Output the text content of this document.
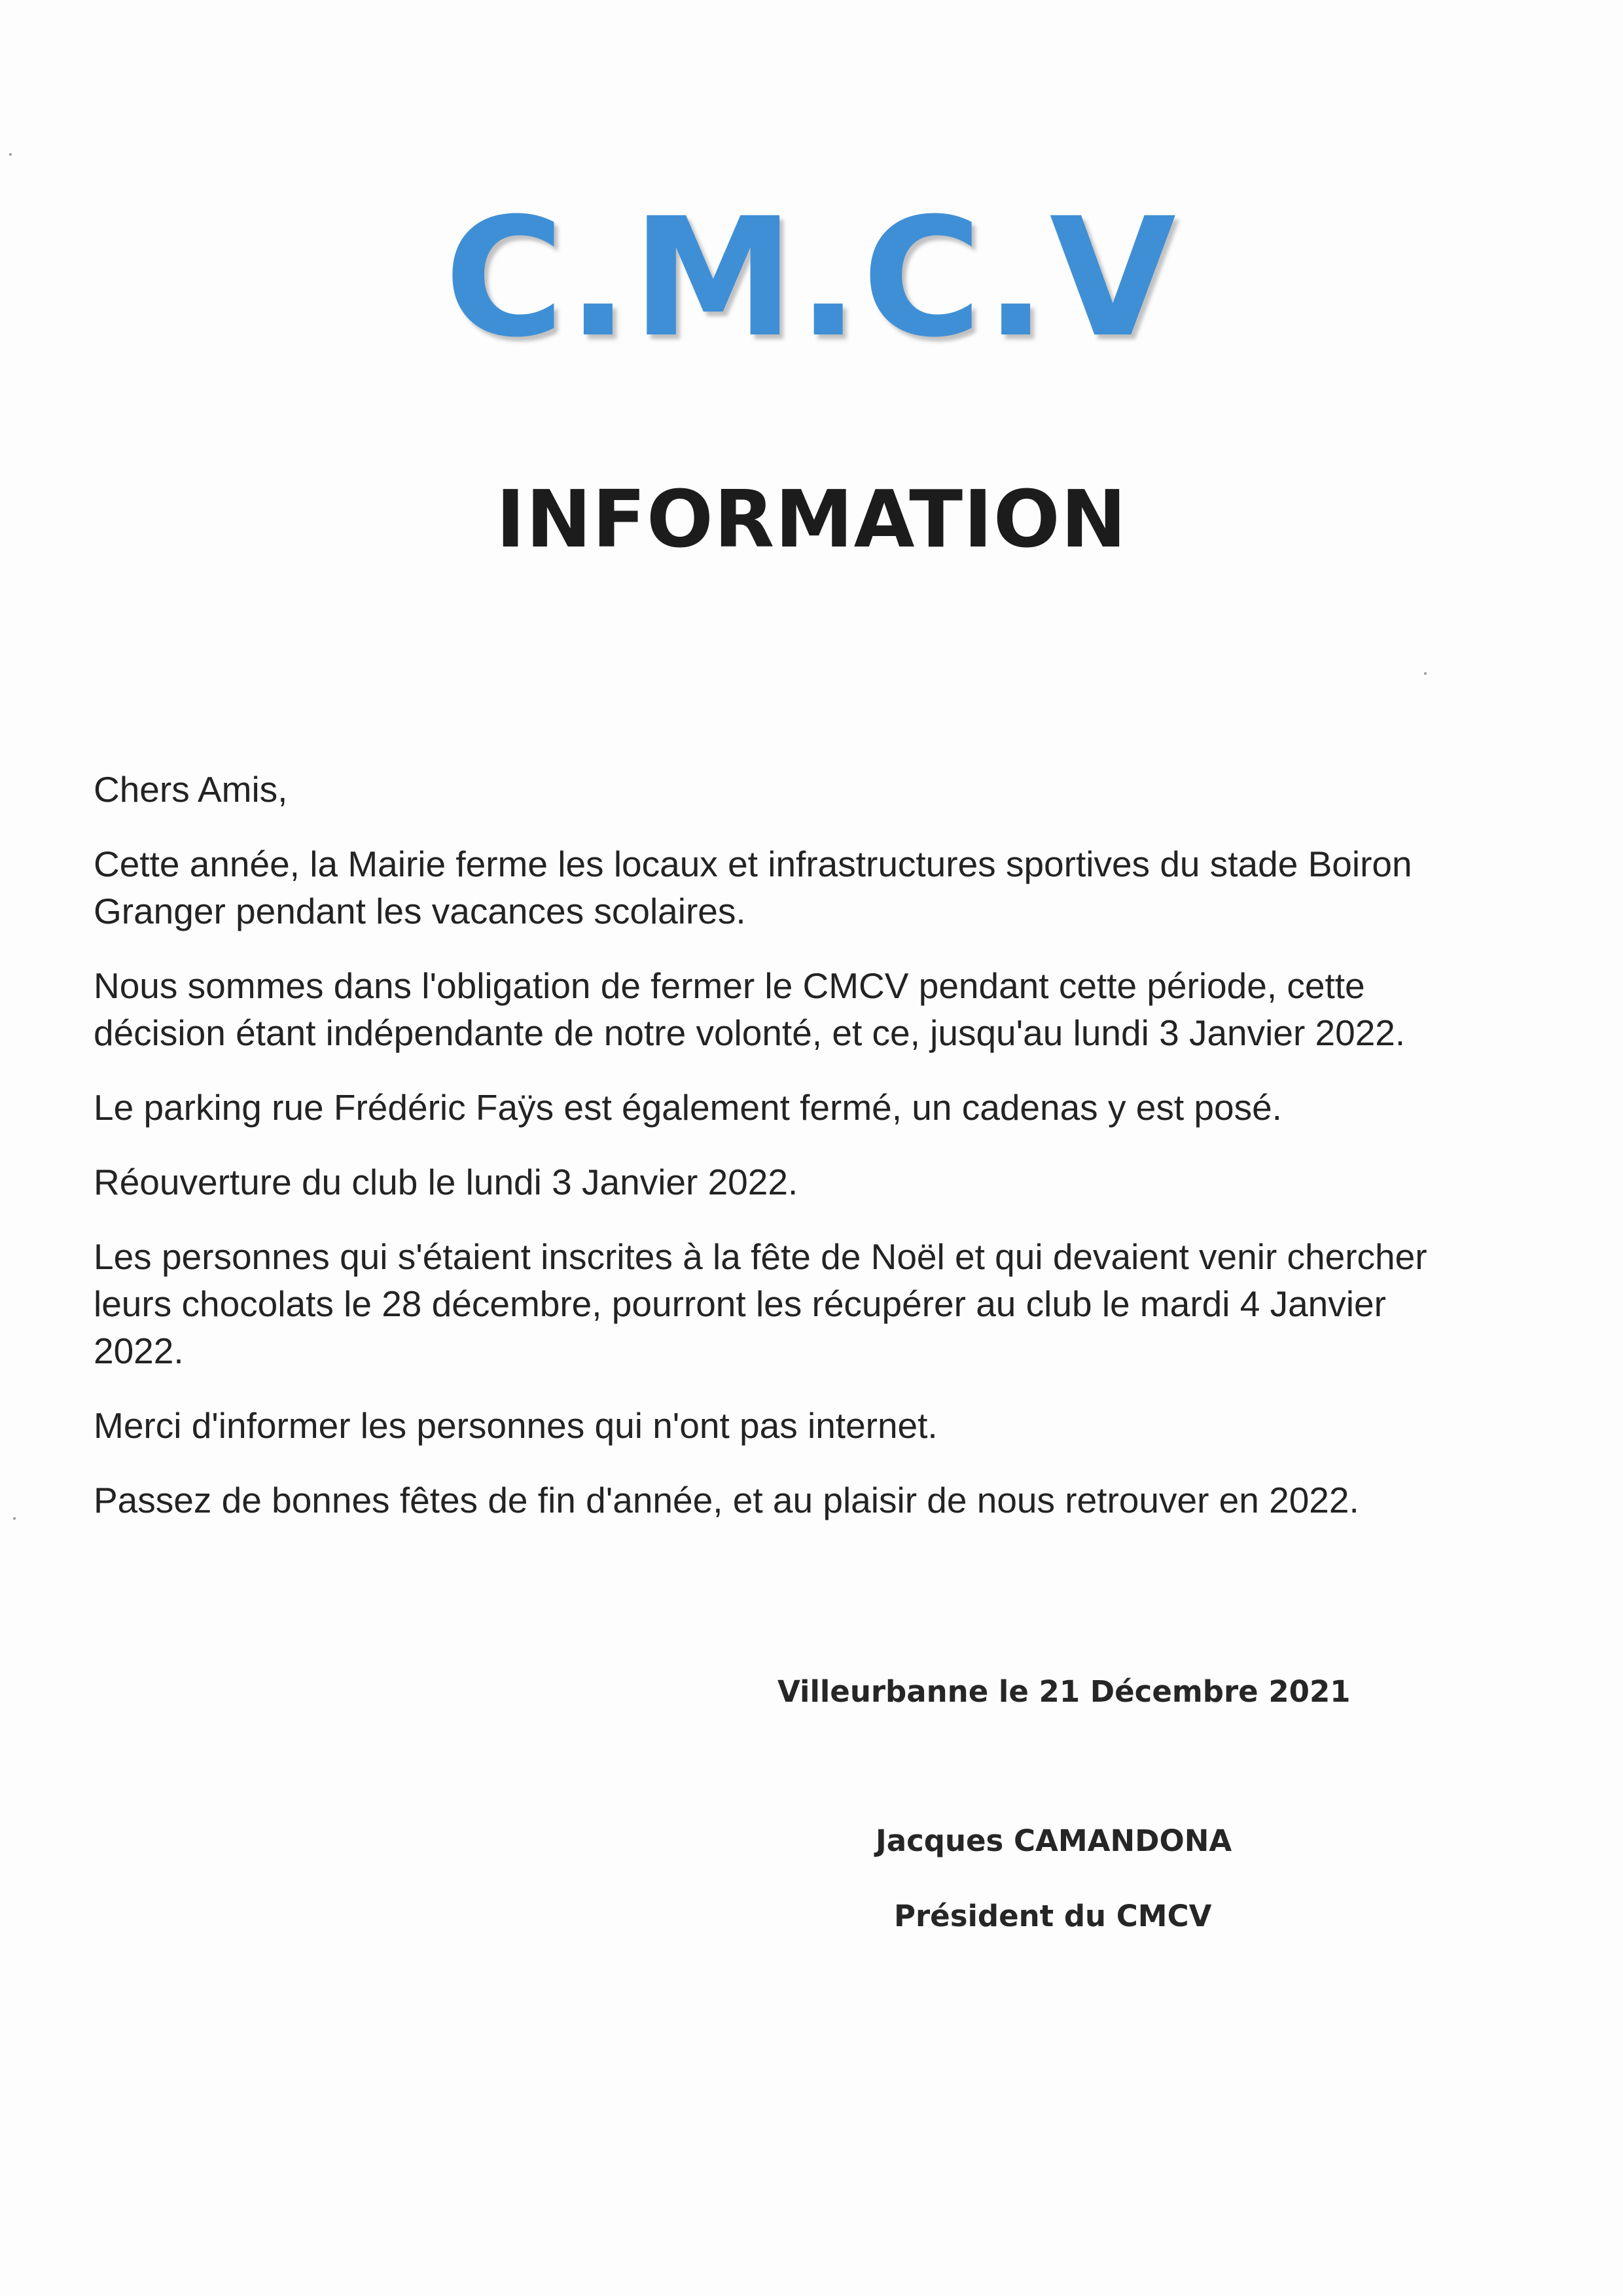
C.M.C.V
INFORMATION

Chers Amis,

Cette année, la Mairie ferme les locaux et infrastructures sportives du stade Boiron
Granger pendant les vacances scolaires.

Nous sommes dans l'obligation de fermer le CMCV pendant cette période, cette
décision étant indépendante de notre volonté, et ce, jusqu'au lundi 3 Janvier 2022.

Le parking rue Frédéric Faÿs est également fermé, un cadenas y est posé.

Réouverture du club le lundi 3 Janvier 2022.

Les personnes qui s'étaient inscrites à la fête de Noël et qui devaient venir chercher
leurs chocolats le 28 décembre, pourront les récupérer au club le mardi 4 Janvier
2022.

Merci d'informer les personnes qui n'ont pas internet.

Passez de bonnes fêtes de fin d'année, et au plaisir de nous retrouver en 2022.

Villeurbanne le 21 Décembre 2021
Jacques CAMANDONA
Président du CMCV
